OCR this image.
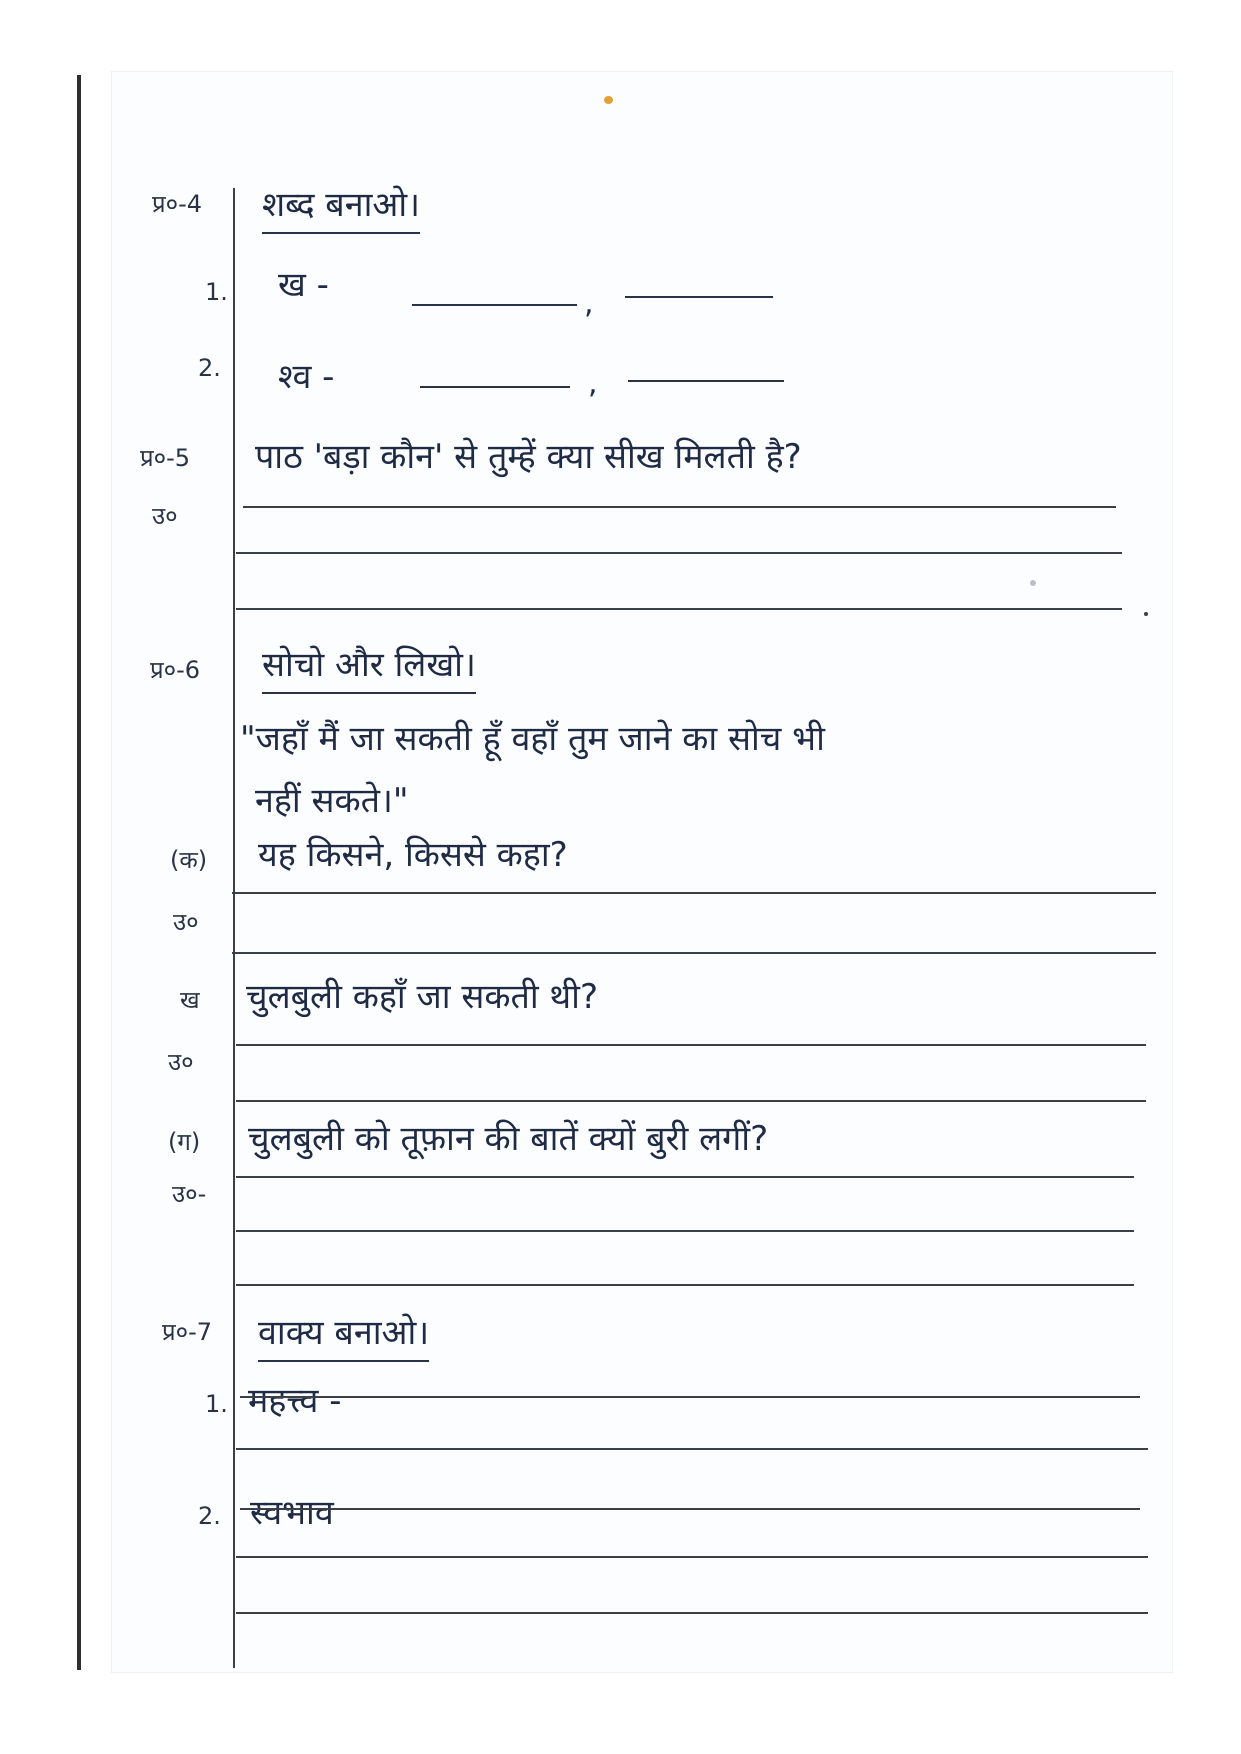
प्र०-4 शब्द बनाओ।
1. ख -	,
2. श्व -	,
प्र०-5 पाठ 'बड़ा कौन' से तुम्हें क्या सीख मिलती है?
उ०
प्र०-6 सोचो और लिखो।
"जहाँ मैं जा सकती हूँ वहाँ तुम जाने का सोच भी
नहीं सकते।"
(क) यह किसने, किससे कहा?
उ०
ख चुलबुली कहाँ जा सकती थी?
उ०
(ग) चुलबुली को तूफ़ान की बातें क्यों बुरी लगीं?
उ०-
प्र०-7 वाक्य बनाओ।
1. महत्त्व -
2. स्वभाव
